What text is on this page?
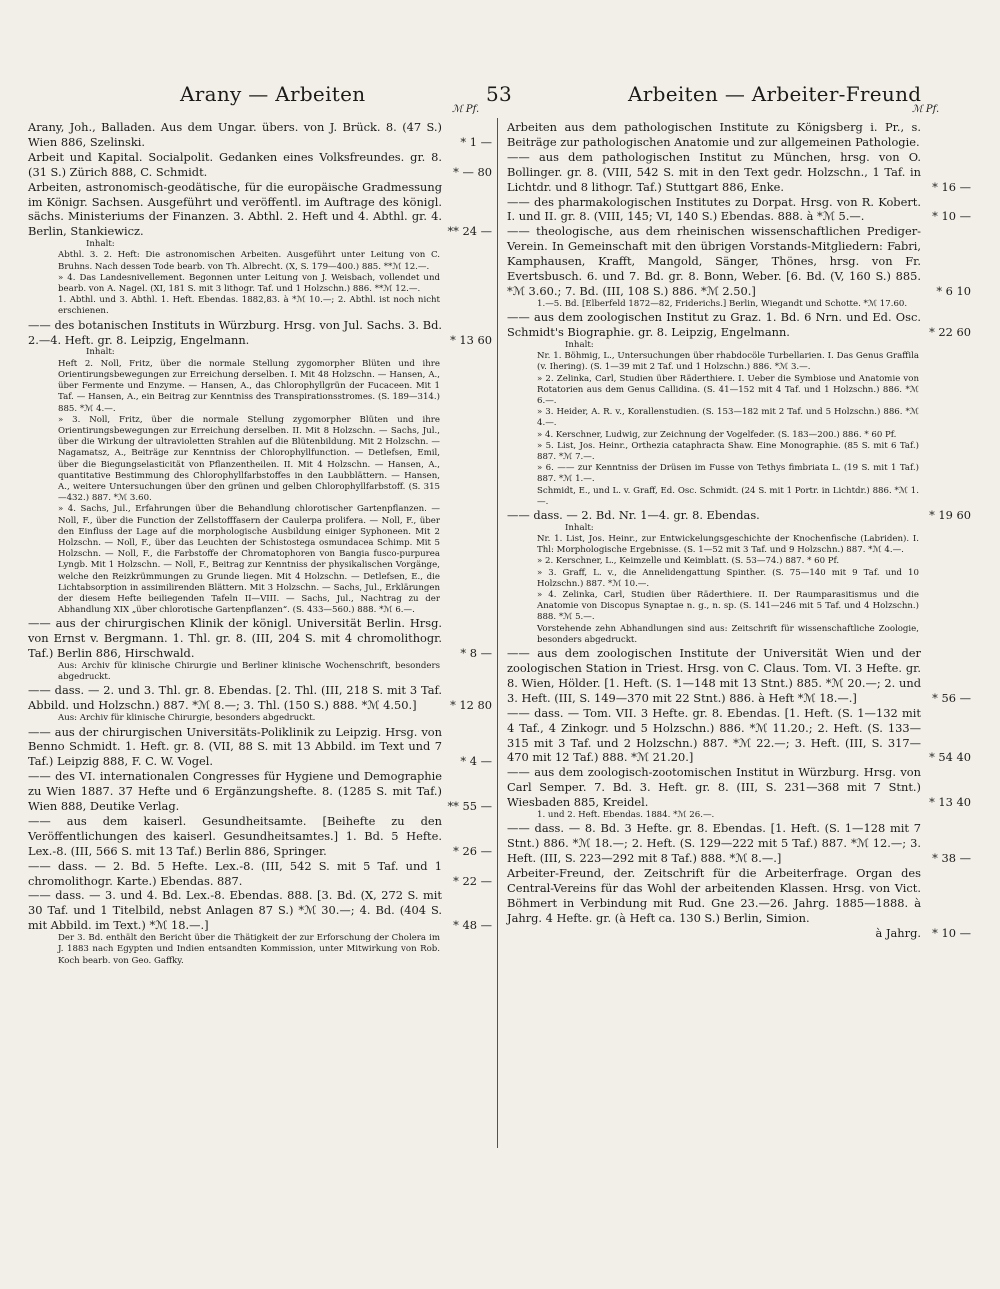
Arany — Arbeiten	53	Arbeiten — Arbeiter-Freund
ℳ Pf.	ℳ Pf.

Arany, Joh., Balladen. Aus dem Ungar. übers. von J. Brück. 8. (47 S.) Wien 886, Szelinski.	* 1 —

Arbeit und Kapital. Socialpolit. Gedanken eines Volksfreundes. gr. 8. (31 S.) Zürich 888, C. Schmidt.	* — 80

Arbeiten, astronomisch-geodätische, für die europäische Gradmessung im Königr. Sachsen. Ausgeführt und veröffentl. im Auftrage des königl. sächs. Ministeriums der Finanzen. 3. Abthl. 2. Heft und 4. Abthl. gr. 4. Berlin, Stankiewicz.	** 24 —

Inhalt:

Abthl. 3. 2. Heft: Die astronomischen Arbeiten. Ausgeführt unter Leitung von C. Bruhns. Nach dessen Tode bearb. von Th. Albrecht. (X, S. 179—400.) 885. **ℳ 12.—.

» 4. Das Landesnivellement. Begonnen unter Leitung von J. Weisbach, vollendet und bearb. von A. Nagel. (XI, 181 S. mit 3 lithogr. Taf. und 1 Holzschn.) 886. **ℳ 12.—.

1. Abthl. und 3. Abthl. 1. Heft. Ebendas. 1882,83. à *ℳ 10.—; 2. Abthl. ist noch nicht erschienen.

—— des botanischen Instituts in Würzburg. Hrsg. von Jul. Sachs. 3. Bd. 2.—4. Heft. gr. 8. Leipzig, Engelmann.	* 13 60

Inhalt:

Heft 2. Noll, Fritz, über die normale Stellung zygomorpher Blüten und ihre Orientirungsbewegungen zur Erreichung derselben. I. Mit 48 Holzschn. — Hansen, A., über Fermente und Enzyme. — Hansen, A., das Chlorophyllgrün der Fucaceen. Mit 1 Taf. — Hansen, A., ein Beitrag zur Kenntniss des Transpirationsstromes. (S. 189—314.) 885. *ℳ 4.—.

» 3. Noll, Fritz, über die normale Stellung zygomorpher Blüten und ihre Orientirungsbewegungen zur Erreichung derselben. II. Mit 8 Holzschn. — Sachs, Jul., über die Wirkung der ultravioletten Strahlen auf die Blütenbildung. Mit 2 Holzschn. — Nagamatsz, A., Beiträge zur Kenntniss der Chlorophyllfunction. — Detlefsen, Emil, über die Biegungselasticität von Pflanzentheilen. II. Mit 4 Holzschn. — Hansen, A., quantitative Bestimmung des Chlorophyllfarbstoffes in den Laubblättern. — Hansen, A., weitere Untersuchungen über den grünen und gelben Chlorophyllfarbstoff. (S. 315—432.) 887. *ℳ 3.60.

» 4. Sachs, Jul., Erfahrungen über die Behandlung chlorotischer Gartenpflanzen. — Noll, F., über die Function der Zellstofffasern der Caulerpa prolifera. — Noll, F., über den Einfluss der Lage auf die morphologische Ausbildung einiger Syphoneen. Mit 2 Holzschn. — Noll, F., über das Leuchten der Schistostega osmundacea Schimp. Mit 5 Holzschn. — Noll, F., die Farbstoffe der Chromatophoren von Bangia fusco-purpurea Lyngb. Mit 1 Holzschn. — Noll, F., Beitrag zur Kenntniss der physikalischen Vorgänge, welche den Reizkrümmungen zu Grunde liegen. Mit 4 Holzschn. — Detlefsen, E., die Lichtabsorption in assimilirenden Blättern. Mit 3 Holzschn. — Sachs, Jul., Erklärungen der diesem Hefte beiliegenden Tafeln II—VIII. — Sachs, Jul., Nachtrag zu der Abhandlung XIX „über chlorotische Gartenpflanzen“. (S. 433—560.) 888. *ℳ 6.—.

—— aus der chirurgischen Klinik der königl. Universität Berlin. Hrsg. von Ernst v. Bergmann. 1. Thl. gr. 8. (III, 204 S. mit 4 chromolithogr. Taf.) Berlin 886, Hirschwald.	* 8 —

Aus: Archiv für klinische Chirurgie und Berliner klinische Wochenschrift, besonders abgedruckt.

—— dass. — 2. und 3. Thl. gr. 8. Ebendas. [2. Thl. (III, 218 S. mit 3 Taf. Abbild. und Holzschn.) 887. *ℳ 8.—; 3. Thl. (150 S.) 888. *ℳ 4.50.]	* 12 80

Aus: Archiv für klinische Chirurgie, besonders abgedruckt.

—— aus der chirurgischen Universitäts-Poliklinik zu Leipzig. Hrsg. von Benno Schmidt. 1. Heft. gr. 8. (VII, 88 S. mit 13 Abbild. im Text und 7 Taf.) Leipzig 888, F. C. W. Vogel.	* 4 —

—— des VI. internationalen Congresses für Hygiene und Demographie zu Wien 1887. 37 Hefte und 6 Ergänzungshefte. 8. (1285 S. mit Taf.) Wien 888, Deutike Verlag.	** 55 —

—— aus dem kaiserl. Gesundheitsamte. [Beiheftе zu den Veröffentlichungen des kaiserl. Gesundheitsamtes.] 1. Bd. 5 Hefte. Lex.-8. (III, 566 S. mit 13 Taf.) Berlin 886, Springer.	* 26 —

—— dass. — 2. Bd. 5 Hefte. Lex.-8. (III, 542 S. mit 5 Taf. und 1 chromolithogr. Karte.) Ebendas. 887.	* 22 —

—— dass. — 3. und 4. Bd. Lex.-8. Ebendas. 888. [3. Bd. (X, 272 S. mit 30 Taf. und 1 Titelbild, nebst Anlagen 87 S.) *ℳ 30.—; 4. Bd. (404 S. mit Abbild. im Text.) *ℳ 18.—.]	* 48 —

Der 3. Bd. enthält den Bericht über die Thätigkeit der zur Erforschung der Cholera im J. 1883 nach Egypten und Indien entsandten Kommission, unter Mitwirkung von Rob. Koch bearb. von Geo. Gaffky.

Arbeiten aus dem pathologischen Institute zu Königsberg i. Pr., s. Beiträge zur pathologischen Anatomie und zur allgemeinen Pathologie.

—— aus dem pathologischen Institut zu München, hrsg. von O. Bollinger. gr. 8. (VIII, 542 S. mit in den Text gedr. Holzschn., 1 Taf. in Lichtdr. und 8 lithogr. Taf.) Stuttgart 886, Enke.	* 16 —

—— des pharmakologischen Institutes zu Dorpat. Hrsg. von R. Kobert. I. und II. gr. 8. (VIII, 145; VI, 140 S.) Ebendas. 888. à *ℳ 5.—.	* 10 —

—— theologische, aus dem rheinischen wissenschaftlichen Prediger-Verein. In Gemeinschaft mit den übrigen Vorstands-Mitgliedern: Fabri, Kamphausen, Krafft, Mangold, Sänger, Thönes, hrsg. von Fr. Evertsbusch. 6. und 7. Bd. gr. 8. Bonn, Weber. [6. Bd. (V, 160 S.) 885. *ℳ 3.60.; 7. Bd. (III, 108 S.) 886. *ℳ 2.50.]	* 6 10

1.—5. Bd. [Elberfeld 1872—82, Friderichs.] Berlin, Wiegandt und Schotte. *ℳ 17.60.

—— aus dem zoologischen Institut zu Graz. 1. Bd. 6 Nrn. und Ed. Osc. Schmidt's Biographie. gr. 8. Leipzig, Engelmann.	* 22 60

Inhalt:

Nr. 1. Böhmig, L., Untersuchungen über rhabdocöle Turbellarien. I. Das Genus Graffila (v. Ihering). (S. 1—39 mit 2 Taf. und 1 Holzschn.) 886. *ℳ 3.—.

» 2. Zelinka, Carl, Studien über Räderthiere. I. Ueber die Symbiose und Anatomie von Rotatorien aus dem Genus Callidina. (S. 41—152 mit 4 Taf. und 1 Holzschn.) 886. *ℳ 6.—.

» 3. Heider, A. R. v., Korallenstudien. (S. 153—182 mit 2 Taf. und 5 Holzschn.) 886. *ℳ 4.—.

» 4. Kerschner, Ludwig, zur Zeichnung der Vogelfeder. (S. 183—200.) 886. * 60 Pf.

» 5. List, Jos. Heinr., Orthezia cataphracta Shaw. Eine Monographie. (85 S. mit 6 Taf.) 887. *ℳ 7.—.

» 6. —— zur Kenntniss der Drüsen im Fusse von Tethys fimbriata L. (19 S. mit 1 Taf.) 887. *ℳ 1.—.

Schmidt, E., und L. v. Graff, Ed. Osc. Schmidt. (24 S. mit 1 Portr. in Lichtdr.) 886. *ℳ 1.—.

—— dass. — 2. Bd. Nr. 1—4. gr. 8. Ebendas.	* 19 60

Inhalt:

Nr. 1. List, Jos. Heinr., zur Entwickelungsgeschichte der Knochenfische (Labriden). I. Thl: Morphologische Ergebnisse. (S. 1—52 mit 3 Taf. und 9 Holzschn.) 887. *ℳ 4.—.

» 2. Kerschner, L., Keimzelle und Keimblatt. (S. 53—74.) 887. * 60 Pf.

» 3. Graff, L. v., die Annelidengattung Spinther. (S. 75—140 mit 9 Taf. und 10 Holzschn.) 887. *ℳ 10.—.

» 4. Zelinka, Carl, Studien über Räderthiere. II. Der Raumparasitismus und die Anatomie von Discopus Synaptae n. g., n. sp. (S. 141—246 mit 5 Taf. und 4 Holzschn.) 888. *ℳ 5.—.

Vorstehende zehn Abhandlungen sind aus: Zeitschrift für wissenschaftliche Zoologie, besonders abgedruckt.

—— aus dem zoologischen Institute der Universität Wien und der zoologischen Station in Triest. Hrsg. von C. Claus. Tom. VI. 3 Hefte. gr. 8. Wien, Hölder. [1. Heft. (S. 1—148 mit 13 Stnt.) 885. *ℳ 20.—; 2. und 3. Heft. (III, S. 149—370 mit 22 Stnt.) 886. à Heft *ℳ 18.—.]	* 56 —

—— dass. — Tom. VII. 3 Hefte. gr. 8. Ebendas. [1. Heft. (S. 1—132 mit 4 Taf., 4 Zinkogr. und 5 Holzschn.) 886. *ℳ 11.20.; 2. Heft. (S. 133—315 mit 3 Taf. und 2 Holzschn.) 887. *ℳ 22.—; 3. Heft. (III, S. 317—470 mit 12 Taf.) 888. *ℳ 21.20.]	* 54 40

—— aus dem zoologisch-zootomischen Institut in Würzburg. Hrsg. von Carl Semper. 7. Bd. 3. Heft. gr. 8. (III, S. 231—368 mit 7 Stnt.) Wiesbaden 885, Kreidel.	* 13 40

1. und 2. Heft. Ebendas. 1884. *ℳ 26.—.

—— dass. — 8. Bd. 3 Hefte. gr. 8. Ebendas. [1. Heft. (S. 1—128 mit 7 Stnt.) 886. *ℳ 18.—; 2. Heft. (S. 129—222 mit 5 Taf.) 887. *ℳ 12.—; 3. Heft. (III, S. 223—292 mit 8 Taf.) 888. *ℳ 8.—.]	* 38 —

Arbeiter-Freund, der. Zeitschrift für die Arbeiterfrage. Organ des Central-Vereins für das Wohl der arbeitenden Klassen. Hrsg. von Vict. Böhmert in Verbindung mit Rud. Gne 23.—26. Jahrg. 1885—1888. à Jahrg. 4 Hefte. gr. (à Heft ca. 130 S.) Berlin, Simion.

à Jahrg. * 10 —
